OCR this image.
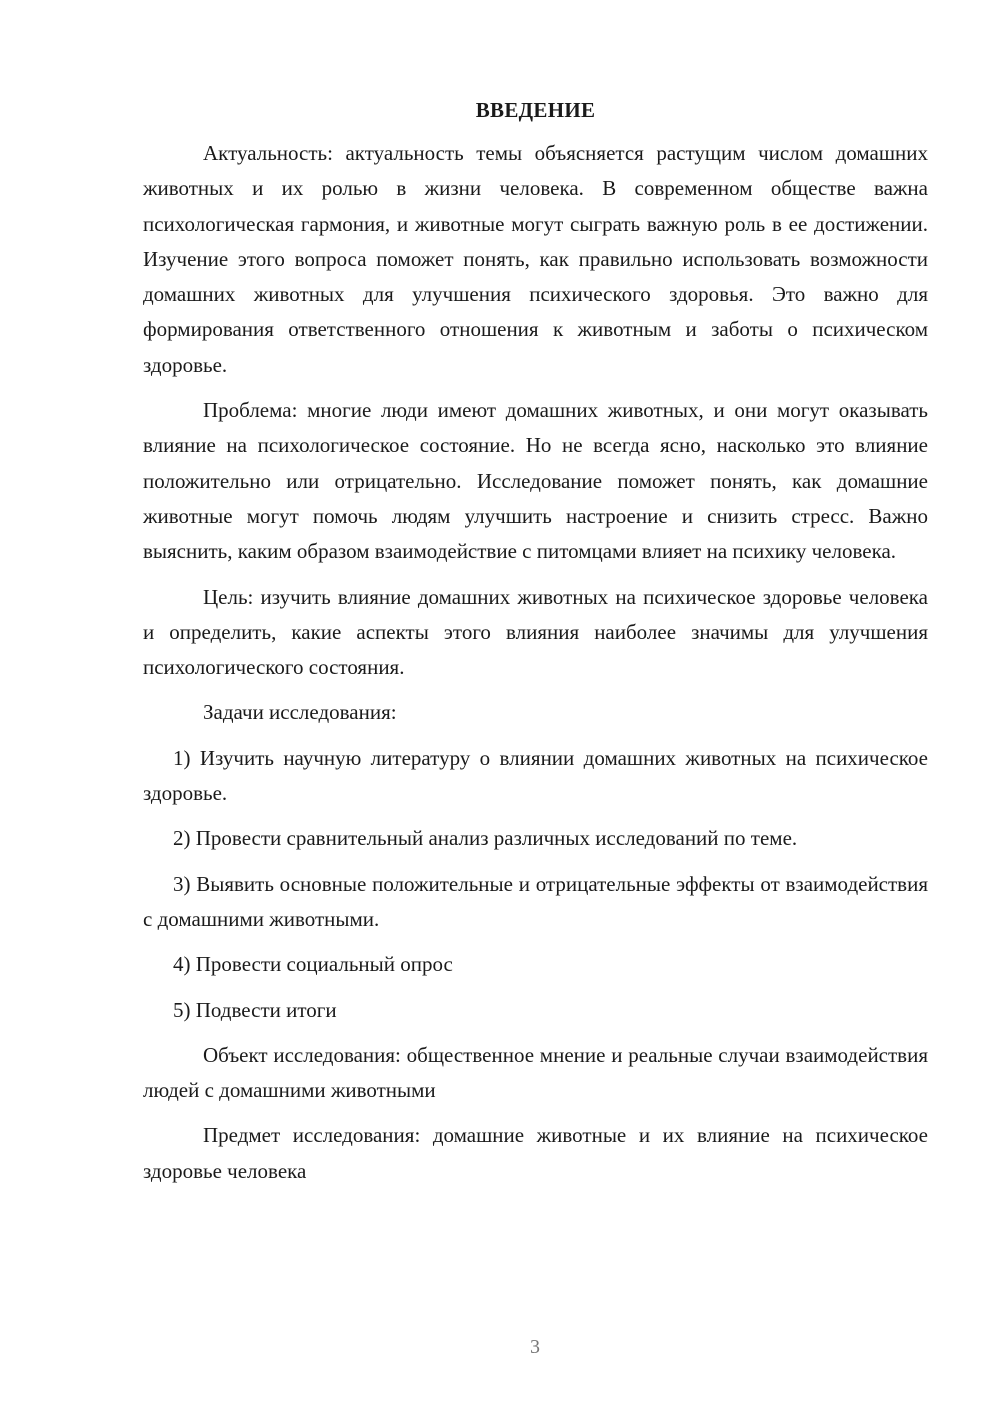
ВВЕДЕНИЕ

Актуальность: актуальность темы объясняется растущим числом домашних животных и их ролью в жизни человека. В современном обществе важна психологическая гармония, и животные могут сыграть важную роль в ее достижении. Изучение этого вопроса поможет понять, как правильно использовать возможности домашних животных для улучшения психического здоровья. Это важно для формирования ответственного отношения к животным и заботы о психическом здоровье.

Проблема: многие люди имеют домашних животных, и они могут оказывать влияние на психологическое состояние. Но не всегда ясно, насколько это влияние положительно или отрицательно. Исследование поможет понять, как домашние животные могут помочь людям улучшить настроение и снизить стресс. Важно выяснить, каким образом взаимодействие с питомцами влияет на психику человека.

Цель: изучить влияние домашних животных на психическое здоровье человека и определить, какие аспекты этого влияния наиболее значимы для улучшения психологического состояния.

Задачи исследования:

1) Изучить научную литературу о влиянии домашних животных на психическое здоровье.

2) Провести сравнительный анализ различных исследований по теме.

3) Выявить основные положительные и отрицательные эффекты от взаимодействия с домашними животными.

4) Провести социальный опрос

5) Подвести итоги

Объект исследования: общественное мнение и реальные случаи взаимодействия людей с домашними животными

Предмет исследования: домашние животные и их влияние на психическое здоровье человека

3
